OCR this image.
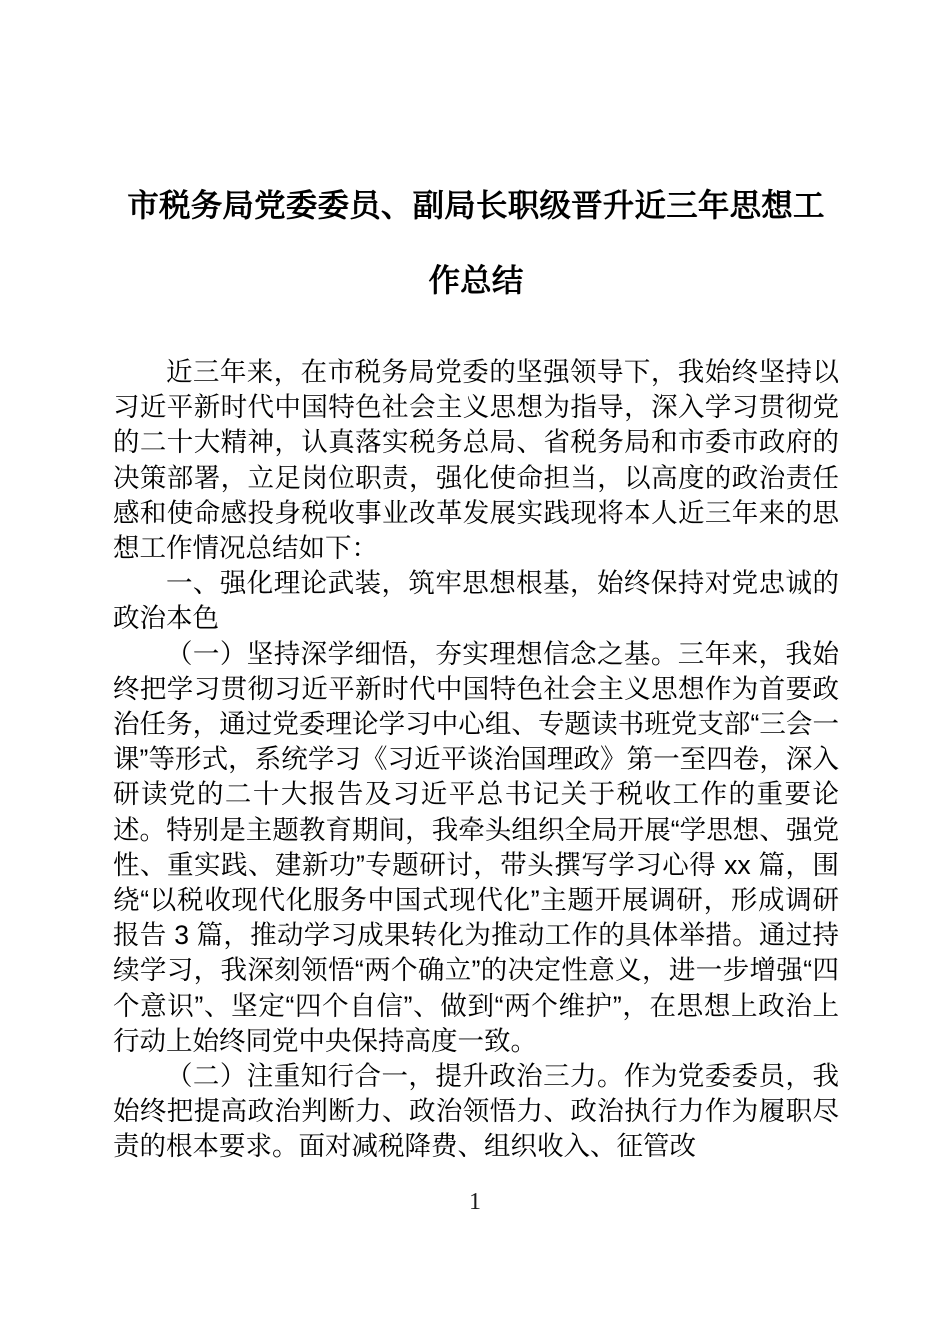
市税务局党委委员、副局长职级晋升近三年思想工作总结

近三年来，在市税务局党委的坚强领导下，我始终坚持以习近平新时代中国特色社会主义思想为指导，深入学习贯彻党的二十大精神，认真落实税务总局、省税务局和市委市政府的决策部署，立足岗位职责，强化使命担当，以高度的政治责任感和使命感投身税收事业改革发展实践现将本人近三年来的思想工作情况总结如下：

一、强化理论武装，筑牢思想根基，始终保持对党忠诚的政治本色

（一）坚持深学细悟，夯实理想信念之基。三年来，我始终把学习贯彻习近平新时代中国特色社会主义思想作为首要政治任务，通过党委理论学习中心组、专题读书班党支部“三会一课”等形式，系统学习《习近平谈治国理政》第一至四卷，深入研读党的二十大报告及习近平总书记关于税收工作的重要论述。特别是主题教育期间，我牵头组织全局开展“学思想、强党性、重实践、建新功”专题研讨，带头撰写学习心得 xx 篇，围绕“以税收现代化服务中国式现代化”主题开展调研，形成调研报告 3 篇，推动学习成果转化为推动工作的具体举措。通过持续学习，我深刻领悟“两个确立”的决定性意义，进一步增强“四个意识”、坚定“四个自信”、做到“两个维护”，在思想上政治上行动上始终同党中央保持高度一致。

（二）注重知行合一，提升政治三力。作为党委委员，我始终把提高政治判断力、政治领悟力、政治执行力作为履职尽责的根本要求。面对减税降费、组织收入、征管改

1
